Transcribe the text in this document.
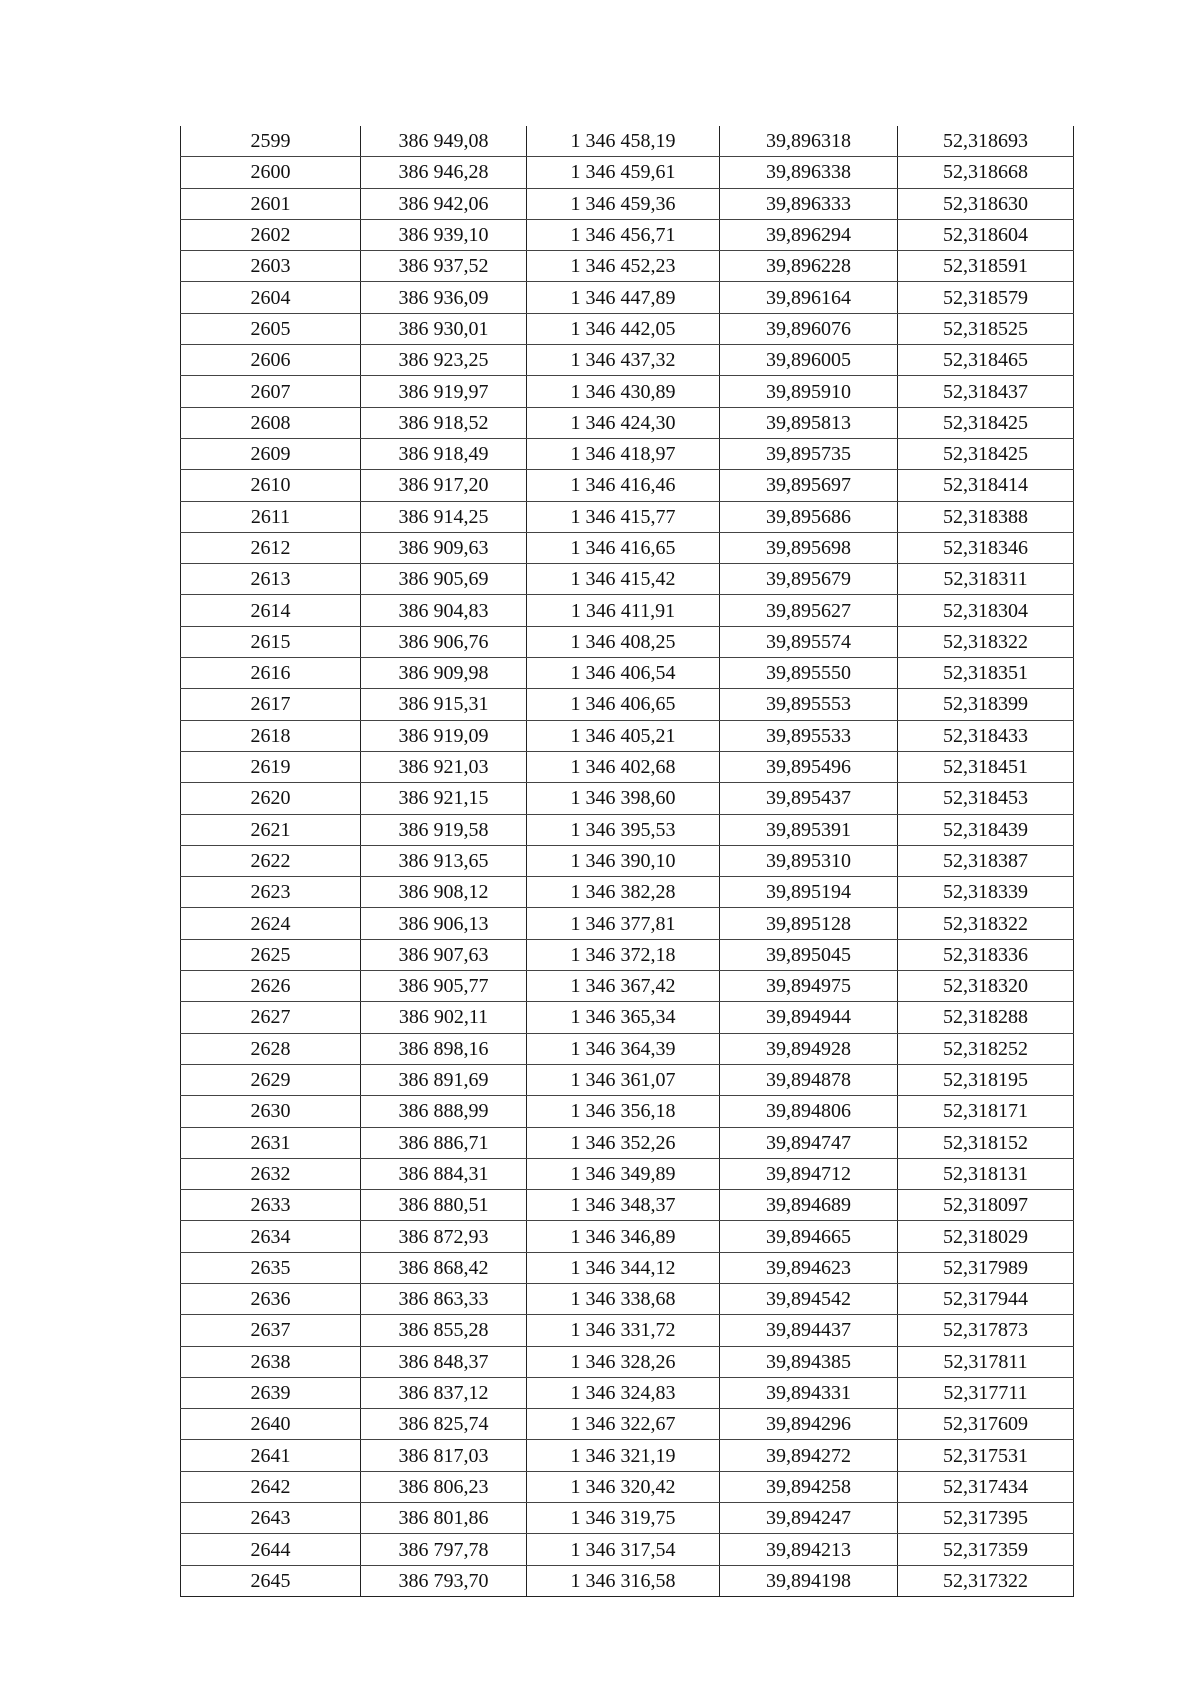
2599	386 949,08	1 346 458,19	39,896318	52,318693
2600	386 946,28	1 346 459,61	39,896338	52,318668
2601	386 942,06	1 346 459,36	39,896333	52,318630
2602	386 939,10	1 346 456,71	39,896294	52,318604
2603	386 937,52	1 346 452,23	39,896228	52,318591
2604	386 936,09	1 346 447,89	39,896164	52,318579
2605	386 930,01	1 346 442,05	39,896076	52,318525
2606	386 923,25	1 346 437,32	39,896005	52,318465
2607	386 919,97	1 346 430,89	39,895910	52,318437
2608	386 918,52	1 346 424,30	39,895813	52,318425
2609	386 918,49	1 346 418,97	39,895735	52,318425
2610	386 917,20	1 346 416,46	39,895697	52,318414
2611	386 914,25	1 346 415,77	39,895686	52,318388
2612	386 909,63	1 346 416,65	39,895698	52,318346
2613	386 905,69	1 346 415,42	39,895679	52,318311
2614	386 904,83	1 346 411,91	39,895627	52,318304
2615	386 906,76	1 346 408,25	39,895574	52,318322
2616	386 909,98	1 346 406,54	39,895550	52,318351
2617	386 915,31	1 346 406,65	39,895553	52,318399
2618	386 919,09	1 346 405,21	39,895533	52,318433
2619	386 921,03	1 346 402,68	39,895496	52,318451
2620	386 921,15	1 346 398,60	39,895437	52,318453
2621	386 919,58	1 346 395,53	39,895391	52,318439
2622	386 913,65	1 346 390,10	39,895310	52,318387
2623	386 908,12	1 346 382,28	39,895194	52,318339
2624	386 906,13	1 346 377,81	39,895128	52,318322
2625	386 907,63	1 346 372,18	39,895045	52,318336
2626	386 905,77	1 346 367,42	39,894975	52,318320
2627	386 902,11	1 346 365,34	39,894944	52,318288
2628	386 898,16	1 346 364,39	39,894928	52,318252
2629	386 891,69	1 346 361,07	39,894878	52,318195
2630	386 888,99	1 346 356,18	39,894806	52,318171
2631	386 886,71	1 346 352,26	39,894747	52,318152
2632	386 884,31	1 346 349,89	39,894712	52,318131
2633	386 880,51	1 346 348,37	39,894689	52,318097
2634	386 872,93	1 346 346,89	39,894665	52,318029
2635	386 868,42	1 346 344,12	39,894623	52,317989
2636	386 863,33	1 346 338,68	39,894542	52,317944
2637	386 855,28	1 346 331,72	39,894437	52,317873
2638	386 848,37	1 346 328,26	39,894385	52,317811
2639	386 837,12	1 346 324,83	39,894331	52,317711
2640	386 825,74	1 346 322,67	39,894296	52,317609
2641	386 817,03	1 346 321,19	39,894272	52,317531
2642	386 806,23	1 346 320,42	39,894258	52,317434
2643	386 801,86	1 346 319,75	39,894247	52,317395
2644	386 797,78	1 346 317,54	39,894213	52,317359
2645	386 793,70	1 346 316,58	39,894198	52,317322
